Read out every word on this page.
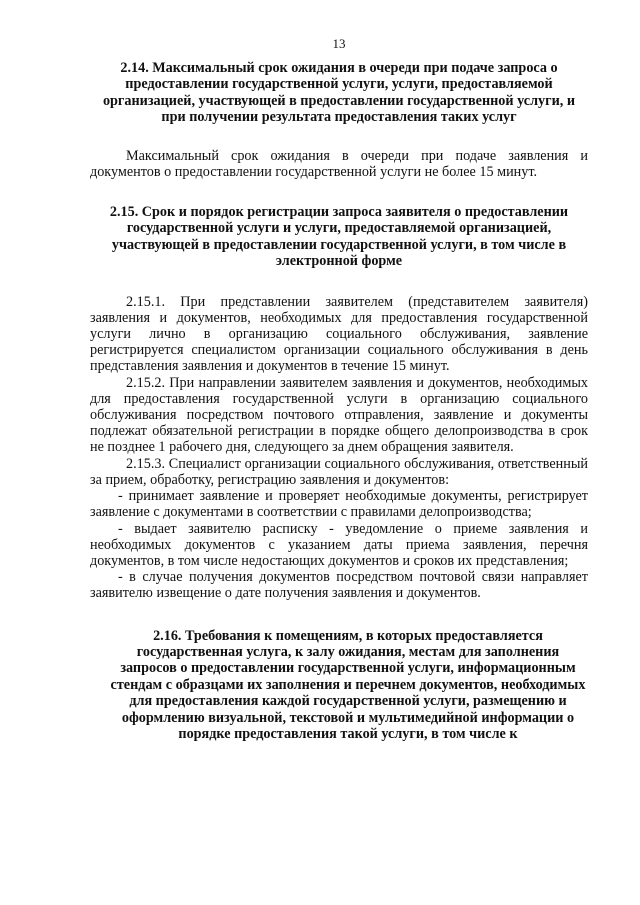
13

2.14. Максимальный срок ожидания в очереди при подаче запроса о предоставлении государственной услуги, услуги, предоставляемой организацией, участвующей в предоставлении государственной услуги, и при получении результата предоставления таких услуг

Максимальный срок ожидания в очереди при подаче заявления и документов о предоставлении государственной услуги не более 15 минут.

2.15. Срок и порядок регистрации запроса заявителя о предоставлении государственной услуги и услуги, предоставляемой организацией, участвующей в предоставлении государственной услуги, в том числе в электронной форме

2.15.1. При представлении заявителем (представителем заявителя) заявления и документов, необходимых для предоставления государственной услуги лично в организацию социального обслуживания, заявление регистрируется специалистом организации социального обслуживания в день представления заявления и документов в течение 15 минут.

2.15.2. При направлении заявителем заявления и документов, необходимых для предоставления государственной услуги в организацию социального обслуживания посредством почтового отправления, заявление и документы подлежат обязательной регистрации в порядке общего делопроизводства в срок не позднее 1 рабочего дня, следующего за днем обращения заявителя.

2.15.3. Специалист организации социального обслуживания, ответственный за прием, обработку, регистрацию заявления и документов:

- принимает заявление и проверяет необходимые документы, регистрирует заявление с документами в соответствии с правилами делопроизводства;

- выдает заявителю расписку - уведомление о приеме заявления и необходимых документов с указанием даты приема заявления, перечня документов, в том числе недостающих документов и сроков их представления;

- в случае получения документов посредством почтовой связи направляет заявителю извещение о дате получения заявления и документов.

2.16. Требования к помещениям, в которых предоставляется государственная услуга, к залу ожидания, местам для заполнения запросов о предоставлении государственной услуги, информационным стендам с образцами их заполнения и перечнем документов, необходимых для предоставления каждой государственной услуги, размещению и оформлению визуальной, текстовой и мультимедийной информации о порядке предоставления такой услуги, в том числе к
